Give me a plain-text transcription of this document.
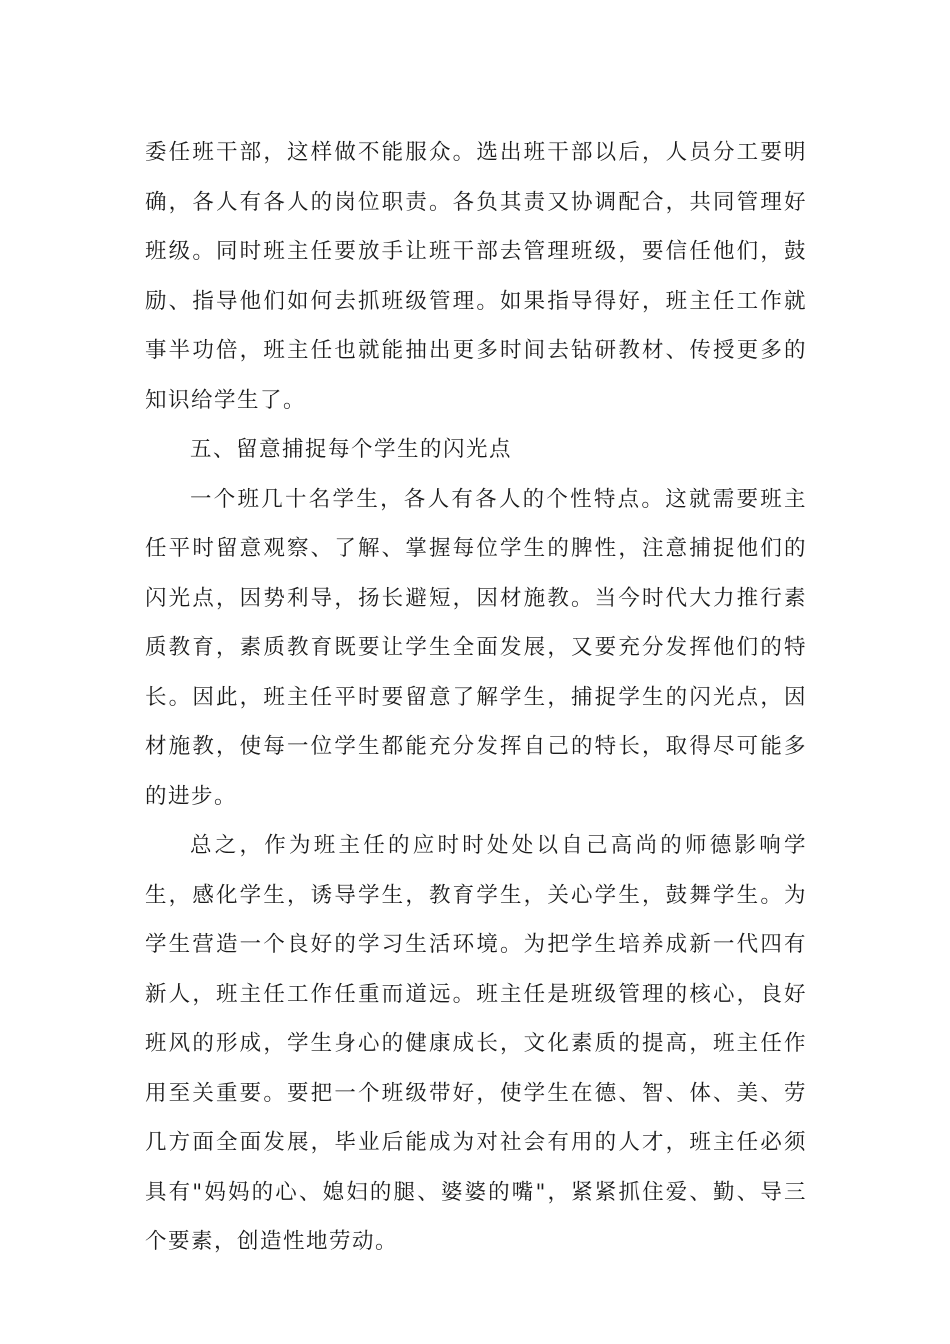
委任班干部，这样做不能服众。选出班干部以后，人员分工要明确，各人有各人的岗位职责。各负其责又协调配合，共同管理好班级。同时班主任要放手让班干部去管理班级，要信任他们，鼓励、指导他们如何去抓班级管理。如果指导得好，班主任工作就事半功倍，班主任也就能抽出更多时间去钻研教材、传授更多的知识给学生了。

五、留意捕捉每个学生的闪光点

一个班几十名学生，各人有各人的个性特点。这就需要班主任平时留意观察、了解、掌握每位学生的脾性，注意捕捉他们的闪光点，因势利导，扬长避短，因材施教。当今时代大力推行素质教育，素质教育既要让学生全面发展，又要充分发挥他们的特长。因此，班主任平时要留意了解学生，捕捉学生的闪光点，因材施教，使每一位学生都能充分发挥自己的特长，取得尽可能多的进步。

总之，作为班主任的应时时处处以自己高尚的师德影响学生，感化学生，诱导学生，教育学生，关心学生，鼓舞学生。为学生营造一个良好的学习生活环境。为把学生培养成新一代四有新人，班主任工作任重而道远。班主任是班级管理的核心，良好班风的形成，学生身心的健康成长，文化素质的提高，班主任作用至关重要。要把一个班级带好，使学生在德、智、体、美、劳几方面全面发展，毕业后能成为对社会有用的人才，班主任必须具有"妈妈的心、媳妇的腿、婆婆的嘴"，紧紧抓住爱、勤、导三个要素，创造性地劳动。
